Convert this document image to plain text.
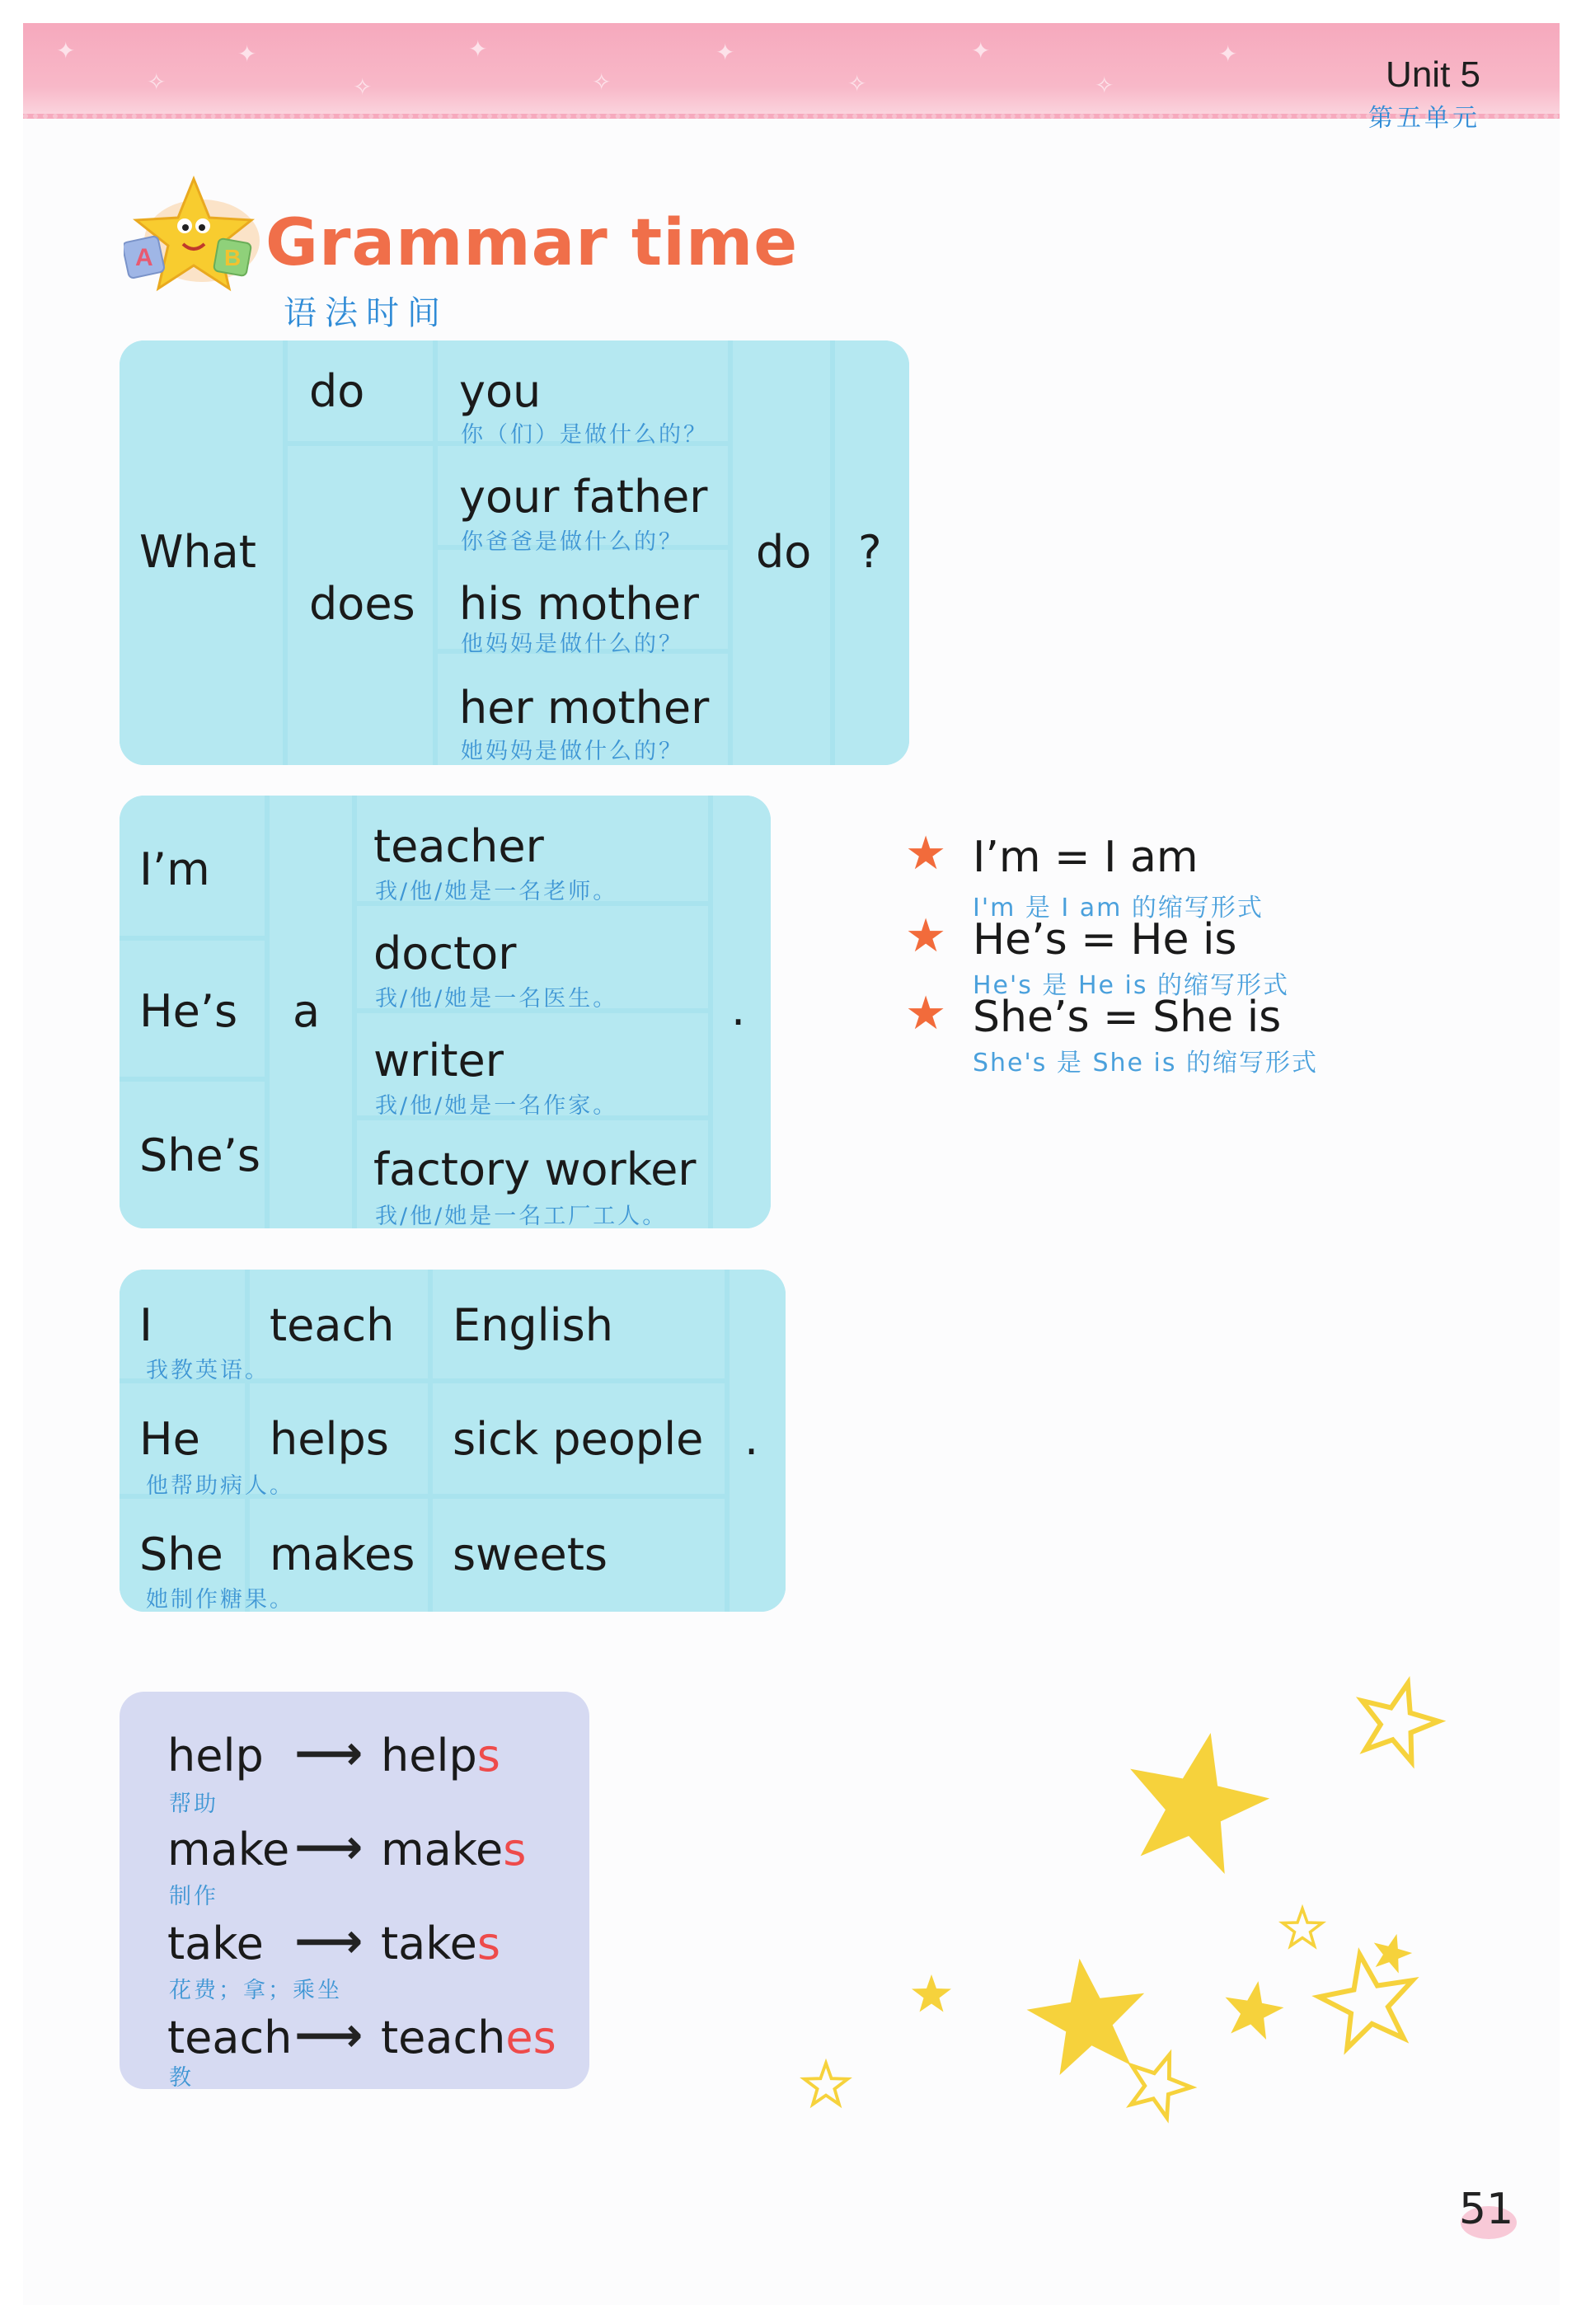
✦
✧
✦
✧
✦
✧
✦
✧
✦
✧
✦
Unit 5
第五单元
A	B Grammar time
语法时间
What
do
does
you
你（们）是做什么的？
your father
你爸爸是做什么的？
his mother
他妈妈是做什么的？
her mother
她妈妈是做什么的？
do ?
I’m
He’s
She’s
a
teacher
我/他/她是一名老师。
doctor
我/他/她是一名医生。
writer
我/他/她是一名作家。
factory worker
我/他/她是一名工厂工人。
.
I	teach English
我教英语。
He helps sick people
他帮助病人。
She makes sweets
她制作糖果。
.
★ I’m = I am
I'm 是 I am 的缩写形式
★ He’s = He is
He's 是 He is 的缩写形式
★ She’s = She is
She's 是 She is 的缩写形式
help ⟶ helps
帮助
make ⟶ makes
制作
take ⟶ takes
花费；拿；乘坐
teach ⟶ teaches
教
51
